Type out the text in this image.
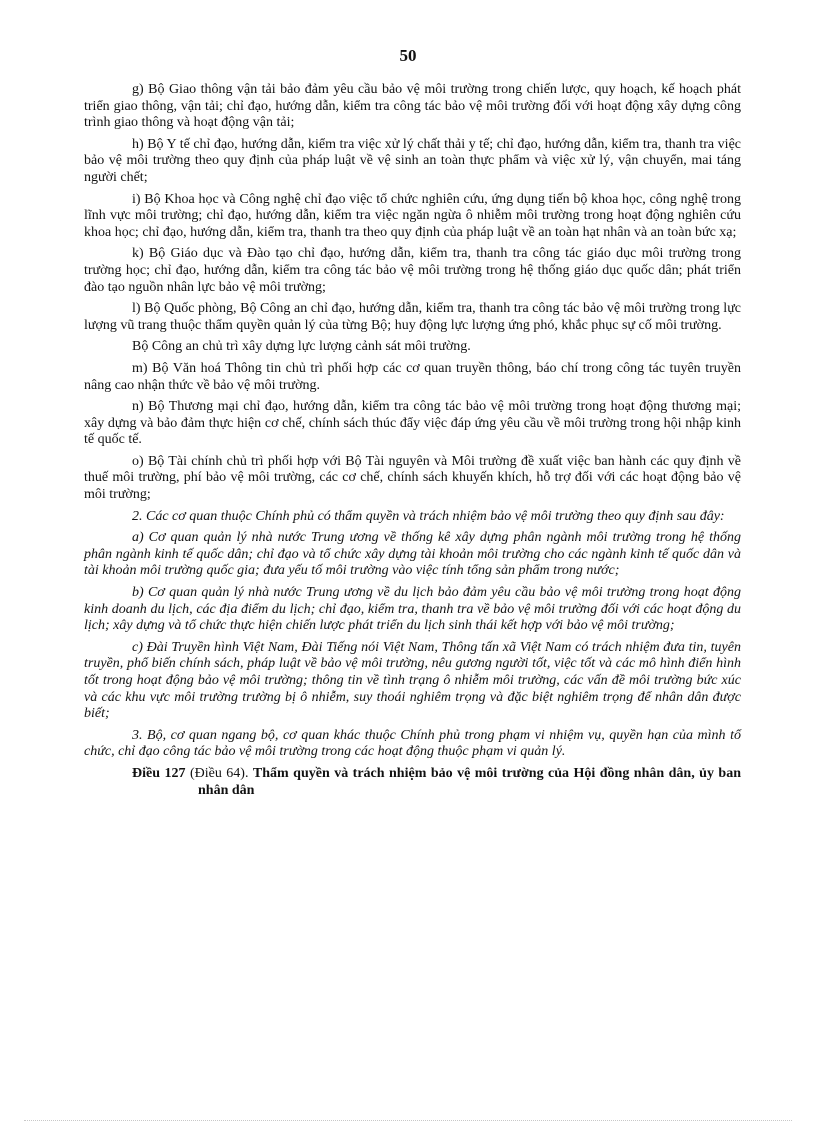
50

g) Bộ Giao thông vận tải bảo đảm yêu cầu bảo vệ môi trường trong chiến lược, quy hoạch, kế hoạch phát triển giao thông, vận tải; chỉ đạo, hướng dẫn, kiểm tra công tác bảo vệ môi trường đối với hoạt động xây dựng công trình giao thông và hoạt động vận tải;

h) Bộ Y tế chỉ đạo, hướng dẫn, kiểm tra việc xử lý chất thải y tế; chỉ đạo, hướng dẫn, kiểm tra, thanh tra việc bảo vệ môi trường theo quy định của pháp luật về vệ sinh an toàn thực phẩm và việc xử lý, vận chuyển, mai táng người chết;

i) Bộ Khoa học và Công nghệ chỉ đạo việc tổ chức nghiên cứu, ứng dụng tiến bộ khoa học, công nghệ trong lĩnh vực môi trường; chỉ đạo, hướng dẫn, kiểm tra việc ngăn ngừa ô nhiễm môi trường trong hoạt động nghiên cứu khoa học; chỉ đạo, hướng dẫn, kiểm tra, thanh tra theo quy định của pháp luật về an toàn hạt nhân và an toàn bức xạ;

k) Bộ Giáo dục và Đào tạo chỉ đạo, hướng dẫn, kiểm tra, thanh tra công tác giáo dục môi trường trong trường học; chỉ đạo, hướng dẫn, kiểm tra công tác bảo vệ môi trường trong hệ thống giáo dục quốc dân; phát triển đào tạo nguồn nhân lực bảo vệ môi trường;

l) Bộ Quốc phòng, Bộ Công an chỉ đạo, hướng dẫn, kiểm tra, thanh tra công tác bảo vệ môi trường trong lực lượng vũ trang thuộc thẩm quyền quản lý của từng Bộ; huy động lực lượng ứng phó, khắc phục sự cố môi trường.

Bộ Công an chủ trì xây dựng lực lượng cảnh sát môi trường.

m) Bộ Văn hoá Thông tin chủ trì phối hợp các cơ quan truyền thông, báo chí trong công tác tuyên truyền nâng cao nhận thức về bảo vệ môi trường.

n) Bộ Thương mại chỉ đạo, hướng dẫn, kiểm tra công tác bảo vệ môi trường trong hoạt động thương mại; xây dựng và bảo đảm thực hiện cơ chế, chính sách thúc đẩy việc đáp ứng yêu cầu về môi trường trong hội nhập kinh tế quốc tế.

o) Bộ Tài chính chủ trì phối hợp với Bộ Tài nguyên và Môi trường đề xuất việc ban hành các quy định về thuế môi trường, phí bảo vệ môi trường, các cơ chế, chính sách khuyến khích, hỗ trợ đối với các hoạt động bảo vệ môi trường;

2. Các cơ quan thuộc Chính phủ có thẩm quyền và trách nhiệm bảo vệ môi trường theo quy định sau đây:

a) Cơ quan quản lý nhà nước Trung ương về thống kê xây dựng phân ngành môi trường trong hệ thống phân ngành kinh tế quốc dân; chỉ đạo và tổ chức xây dựng tài khoản môi trường cho các ngành kinh tế quốc dân và tài khoản môi trường quốc gia; đưa yếu tố môi trường vào việc tính tổng sản phẩm trong nước;

b) Cơ quan quản lý nhà nước Trung ương về du lịch bảo đảm yêu cầu bảo vệ môi trường trong hoạt động kinh doanh du lịch, các địa điểm du lịch; chỉ đạo, kiểm tra, thanh tra về bảo vệ môi trường đối với các hoạt động du lịch; xây dựng và tổ chức thực hiện chiến lược phát triển du lịch sinh thái kết hợp với bảo vệ môi trường;

c) Đài Truyền hình Việt Nam, Đài Tiếng nói Việt Nam, Thông tấn xã Việt Nam có trách nhiệm đưa tin, tuyên truyền, phổ biến chính sách, pháp luật về bảo vệ môi trường, nêu gương người tốt, việc tốt và các mô hình điển hình tốt trong hoạt động bảo vệ môi trường; thông tin về tình trạng ô nhiễm môi trường, các vấn đề môi trường bức xúc và các khu vực môi trường trường bị ô nhiễm, suy thoái nghiêm trọng và đặc biệt nghiêm trọng để nhân dân được biết;

3. Bộ, cơ quan ngang bộ, cơ quan khác thuộc Chính phủ trong phạm vi nhiệm vụ, quyền hạn của mình tổ chức, chỉ đạo công tác bảo vệ môi trường trong các hoạt động thuộc phạm vi quản lý.

Điều 127 (Điều 64). Thẩm quyền và trách nhiệm bảo vệ môi trường của Hội đồng nhân dân, ủy ban nhân dân
